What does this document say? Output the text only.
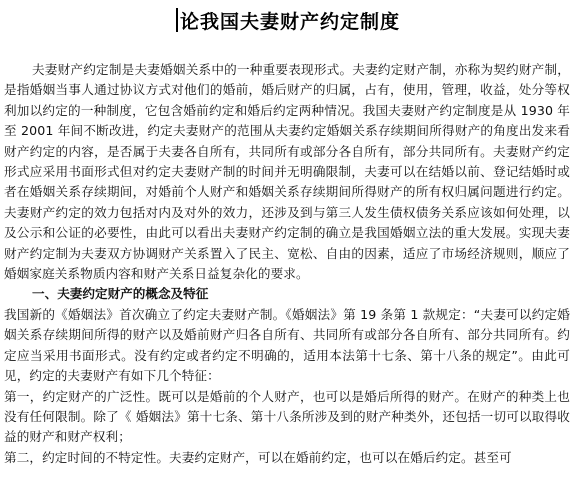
论我国夫妻财产约定制度

夫妻财产约定制是夫妻婚姻关系中的一种重要表现形式。夫妻约定财产制，亦称为契约财产制，是指婚姻当事人通过协议方式对他们的婚前，婚后财产的归属，占有，使用，管理，收益，处分等权利加以约定的一种制度，它包含婚前约定和婚后约定两种情况。我国夫妻财产约定制度是从 1930 年至 2001 年间不断改进，约定夫妻财产的范围从夫妻约定婚姻关系存续期间所得财产的角度出发来看财产约定的内容，是否属于夫妻各自所有，共同所有或部分各自所有，部分共同所有。夫妻财产约定形式应采用书面形式但对约定夫妻财产制的时间并无明确限制，夫妻可以在结婚以前、登记结婚时或者在婚姻关系存续期间，对婚前个人财产和婚姻关系存续期间所得财产的所有权归属问题进行约定。夫妻财产约定的效力包括对内及对外的效力，还涉及到与第三人发生债权债务关系应该如何处理，以及公示和公证的必要性，由此可以看出夫妻财产约定制的确立是我国婚姻立法的重大发展。实现夫妻财产约定制为夫妻双方协调财产关系置入了民主、宽松、自由的因素，适应了市场经济规则，顺应了婚姻家庭关系物质内容和财产关系日益复杂化的要求。

一、夫妻约定财产的概念及特征

我国新的《婚姻法》首次确立了约定夫妻财产制。《婚姻法》第 19 条第 1 款规定：“夫妻可以约定婚姻关系存续期间所得的财产以及婚前财产归各自所有、共同所有或部分各自所有、部分共同所有。约定应当采用书面形式。没有约定或者约定不明确的，适用本法第十七条、第十八条的规定”。由此可见，约定的夫妻财产有如下几个特征：

第一，约定财产的广泛性。既可以是婚前的个人财产，也可以是婚后所得的财产。在财产的种类上也没有任何限制。除了《 婚姻法》第十七条、第十八条所涉及到的财产种类外，还包括一切可以取得收益的财产和财产权利；

第二，约定时间的不特定性。夫妻约定财产，可以在婚前约定，也可以在婚后约定。甚至可
